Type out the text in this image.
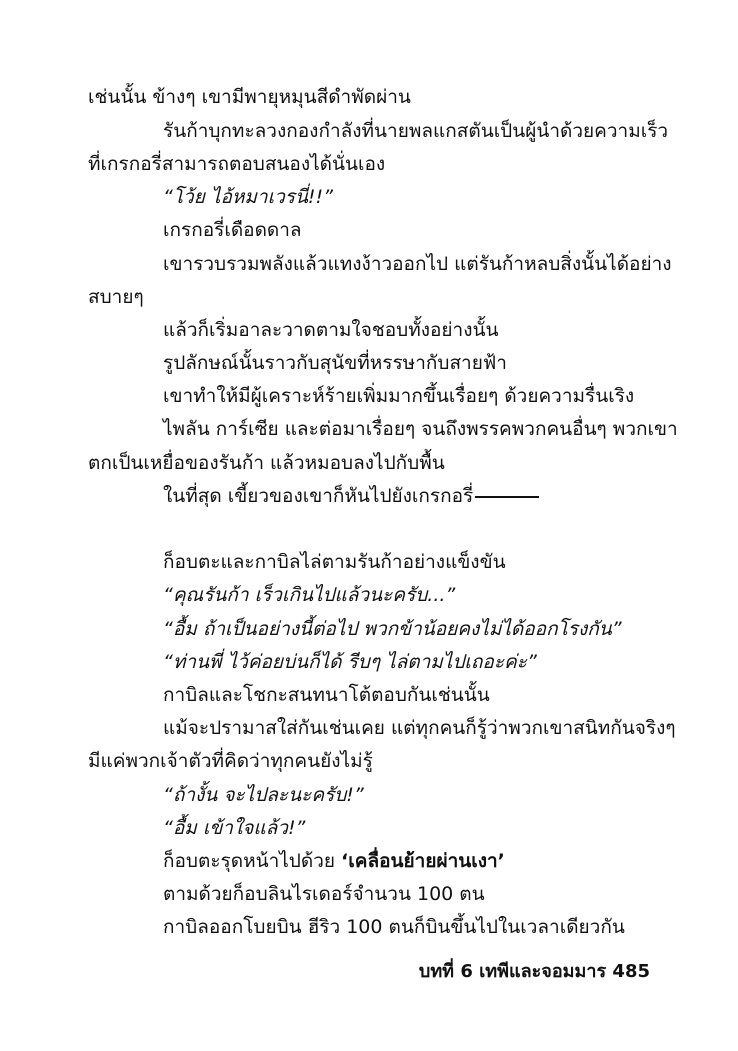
เช่นนั้น ข้างๆ เขามีพายุหมุนสีดำพัดผ่าน
รันก้าบุกทะลวงกองกำลังที่นายพลแกสตันเป็นผู้นำด้วยความเร็ว
ที่เกรกอรี่สามารถตอบสนองได้นั่นเอง
“โว้ย ไอ้หมาเวรนี่!!”
เกรกอรี่เดือดดาล
เขารวบรวมพลังแล้วแทงง้าวออกไป แต่รันก้าหลบสิ่งนั้นได้อย่าง
สบายๆ
แล้วก็เริ่มอาละวาดตามใจชอบทั้งอย่างนั้น
รูปลักษณ์นั้นราวกับสุนัขที่หรรษากับสายฟ้า
เขาทำให้มีผู้เคราะห์ร้ายเพิ่มมากขึ้นเรื่อยๆ ด้วยความรื่นเริง
ไพลัน การ์เซีย และต่อมาเรื่อยๆ จนถึงพรรคพวกคนอื่นๆ พวกเขา
ตกเป็นเหยื่อของรันก้า แล้วหมอบลงไปกับพื้น
ในที่สุด เขี้ยวของเขาก็หันไปยังเกรกอรี่
ก็อบตะและกาบิลไล่ตามรันก้าอย่างแข็งขัน
“คุณรันก้า เร็วเกินไปแล้วนะครับ...”
“อื้ม ถ้าเป็นอย่างนี้ต่อไป พวกข้าน้อยคงไม่ได้ออกโรงกัน”
“ท่านพี่ ไว้ค่อยบ่นก็ได้ รีบๆ ไล่ตามไปเถอะค่ะ”
กาบิลและโชกะสนทนาโต้ตอบกันเช่นนั้น
แม้จะปรามาสใส่กันเช่นเคย แต่ทุกคนก็รู้ว่าพวกเขาสนิทกันจริงๆ
มีแค่พวกเจ้าตัวที่คิดว่าทุกคนยังไม่รู้
“ถ้างั้น จะไปละนะครับ!”
“อื้ม เข้าใจแล้ว!”
ก็อบตะรุดหน้าไปด้วย ‘เคลื่อนย้ายผ่านเงา’
ตามด้วยก็อบลินไรเดอร์จำนวน 100 ตน
กาบิลออกโบยบิน ฮีริว 100 ตนก็บินขึ้นไปในเวลาเดียวกัน
บทที่ 6 เทพีและจอมมาร 485
